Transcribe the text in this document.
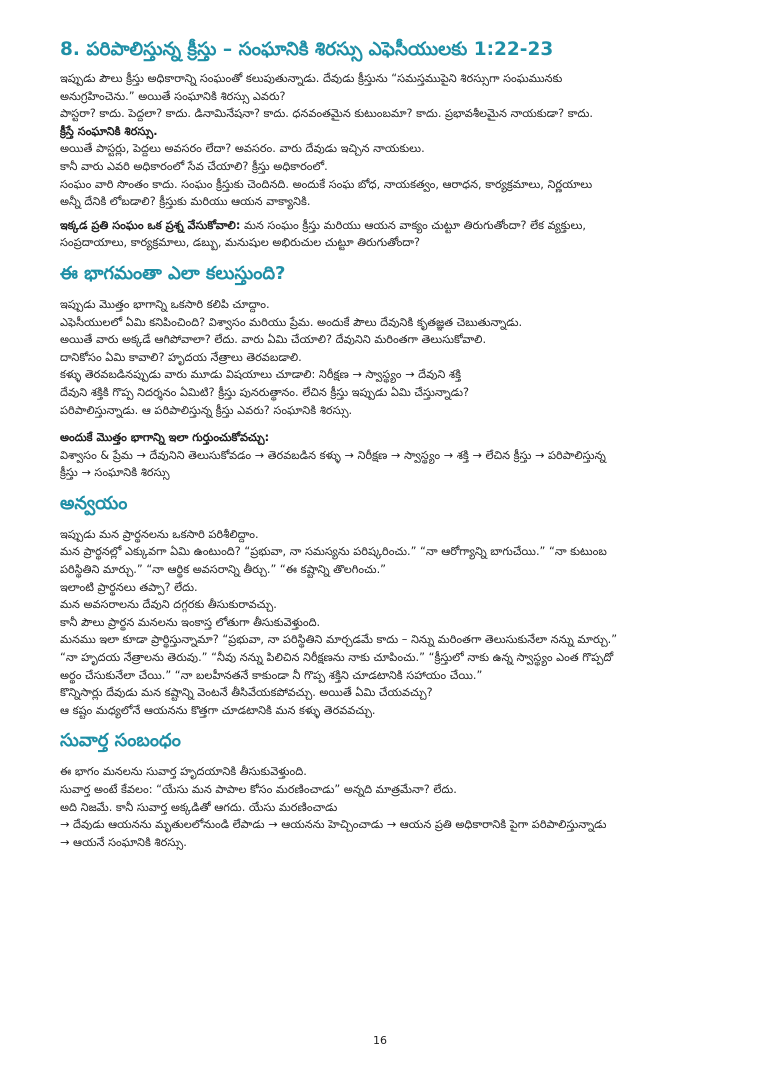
8. పరిపాలిస్తున్న క్రీస్తు – సంఘానికి శిరస్సు ఎఫెసీయులకు 1:22-23

ఇప్పుడు పౌలు క్రీస్తు అధికారాన్ని సంఘంతో కలుపుతున్నాడు. దేవుడు క్రీస్తును “సమస్తముపైని శిరస్సుగా సంఘమునకు

అనుగ్రహించెను.” అయితే సంఘానికి శిరస్సు ఎవరు?

పాస్టరా? కాదు. పెద్దలా? కాదు. డినామినేషనా? కాదు. ధనవంతమైన కుటుంబమా? కాదు. ప్రభావశీలమైన నాయకుడా? కాదు.

క్రీస్తే సంఘానికి శిరస్సు.

అయితే పాస్టర్లు, పెద్దలు అవసరం లేదా? అవసరం. వారు దేవుడు ఇచ్చిన నాయకులు.

కానీ వారు ఎవరి అధికారంలో సేవ చేయాలి? క్రీస్తు అధికారంలో.

సంఘం వారి సొంతం కాదు. సంఘం క్రీస్తుకు చెందినది. అందుకే సంఘ బోధ, నాయకత్వం, ఆరాధన, కార్యక్రమాలు, నిర్ణయాలు

అన్నీ దేనికి లోబడాలి? క్రీస్తుకు మరియు ఆయన వాక్యానికి.

ఇక్కడ ప్రతి సంఘం ఒక ప్రశ్న వేసుకోవాలి: మన సంఘం క్రీస్తు మరియు ఆయన వాక్యం చుట్టూ తిరుగుతోందా? లేక వ్యక్తులు,

సంప్రదాయాలు, కార్యక్రమాలు, డబ్బు, మనుషుల అభిరుచుల చుట్టూ తిరుగుతోందా?

ఈ భాగమంతా ఎలా కలుస్తుంది?

ఇప్పుడు మొత్తం భాగాన్ని ఒకసారి కలిపి చూద్దాం.

ఎఫెసీయులలో ఏమి కనిపించింది? విశ్వాసం మరియు ప్రేమ. అందుకే పౌలు దేవునికి కృతజ్ఞత చెబుతున్నాడు.

అయితే వారు అక్కడే ఆగిపోవాలా? లేదు. వారు ఏమి చేయాలి? దేవునిని మరింతగా తెలుసుకోవాలి.

దానికోసం ఏమి కావాలి? హృదయ నేత్రాలు తెరవబడాలి.

కళ్ళు తెరవబడినప్పుడు వారు మూడు విషయాలు చూడాలి: నిరీక్షణ → స్వాస్థ్యం → దేవుని శక్తి

దేవుని శక్తికి గొప్ప నిదర్శనం ఏమిటి? క్రీస్తు పునరుత్థానం. లేచిన క్రీస్తు ఇప్పుడు ఏమి చేస్తున్నాడు?

పరిపాలిస్తున్నాడు. ఆ పరిపాలిస్తున్న క్రీస్తు ఎవరు? సంఘానికి శిరస్సు.

అందుకే మొత్తం భాగాన్ని ఇలా గుర్తుంచుకోవచ్చు:

విశ్వాసం & ప్రేమ → దేవునిని తెలుసుకోవడం → తెరవబడిన కళ్ళు → నిరీక్షణ → స్వాస్థ్యం → శక్తి → లేచిన క్రీస్తు → పరిపాలిస్తున్న

క్రీస్తు → సంఘానికి శిరస్సు

అన్వయం

ఇప్పుడు మన ప్రార్థనలను ఒకసారి పరిశీలిద్దాం.

మన ప్రార్థనల్లో ఎక్కువగా ఏమి ఉంటుంది? “ప్రభువా, నా సమస్యను పరిష్కరించు.” “నా ఆరోగ్యాన్ని బాగుచేయి.” “నా కుటుంబ

పరిస్థితిని మార్చు.” “నా ఆర్థిక అవసరాన్ని తీర్చు.” “ఈ కష్టాన్ని తొలగించు.”

ఇలాంటి ప్రార్థనలు తప్పా? లేదు.

మన అవసరాలను దేవుని దగ్గరకు తీసుకురావచ్చు.

కానీ పౌలు ప్రార్థన మనలను ఇంకాస్త లోతుగా తీసుకువెళ్తుంది.

మనము ఇలా కూడా ప్రార్థిస్తున్నామా? “ప్రభువా, నా పరిస్థితిని మార్చడమే కాదు – నిన్ను మరింతగా తెలుసుకునేలా నన్ను మార్చు.”

“నా హృదయ నేత్రాలను తెరువు.” “నీవు నన్ను పిలిచిన నిరీక్షణను నాకు చూపించు.” “క్రీస్తులో నాకు ఉన్న స్వాస్థ్యం ఎంత గొప్పదో

అర్థం చేసుకునేలా చేయి.” “నా బలహీనతనే కాకుండా నీ గొప్ప శక్తిని చూడటానికి సహాయం చేయి.”

కొన్నిసార్లు దేవుడు మన కష్టాన్ని వెంటనే తీసివేయకపోవచ్చు. అయితే ఏమి చేయవచ్చు?

ఆ కష్టం మధ్యలోనే ఆయనను కొత్తగా చూడటానికి మన కళ్ళు తెరవవచ్చు.

సువార్త సంబంధం

ఈ భాగం మనలను సువార్త హృదయానికి తీసుకువెళ్తుంది.

సువార్త అంటే కేవలం: “యేసు మన పాపాల కోసం మరణించాడు” అన్నది మాత్రమేనా? లేదు.

అది నిజమే. కానీ సువార్త అక్కడితో ఆగదు. యేసు మరణించాడు

→ దేవుడు ఆయనను మృతులలోనుండి లేపాడు → ఆయనను హెచ్చించాడు → ఆయన ప్రతి అధికారానికి పైగా పరిపాలిస్తున్నాడు

→ ఆయనే సంఘానికి శిరస్సు.

16
